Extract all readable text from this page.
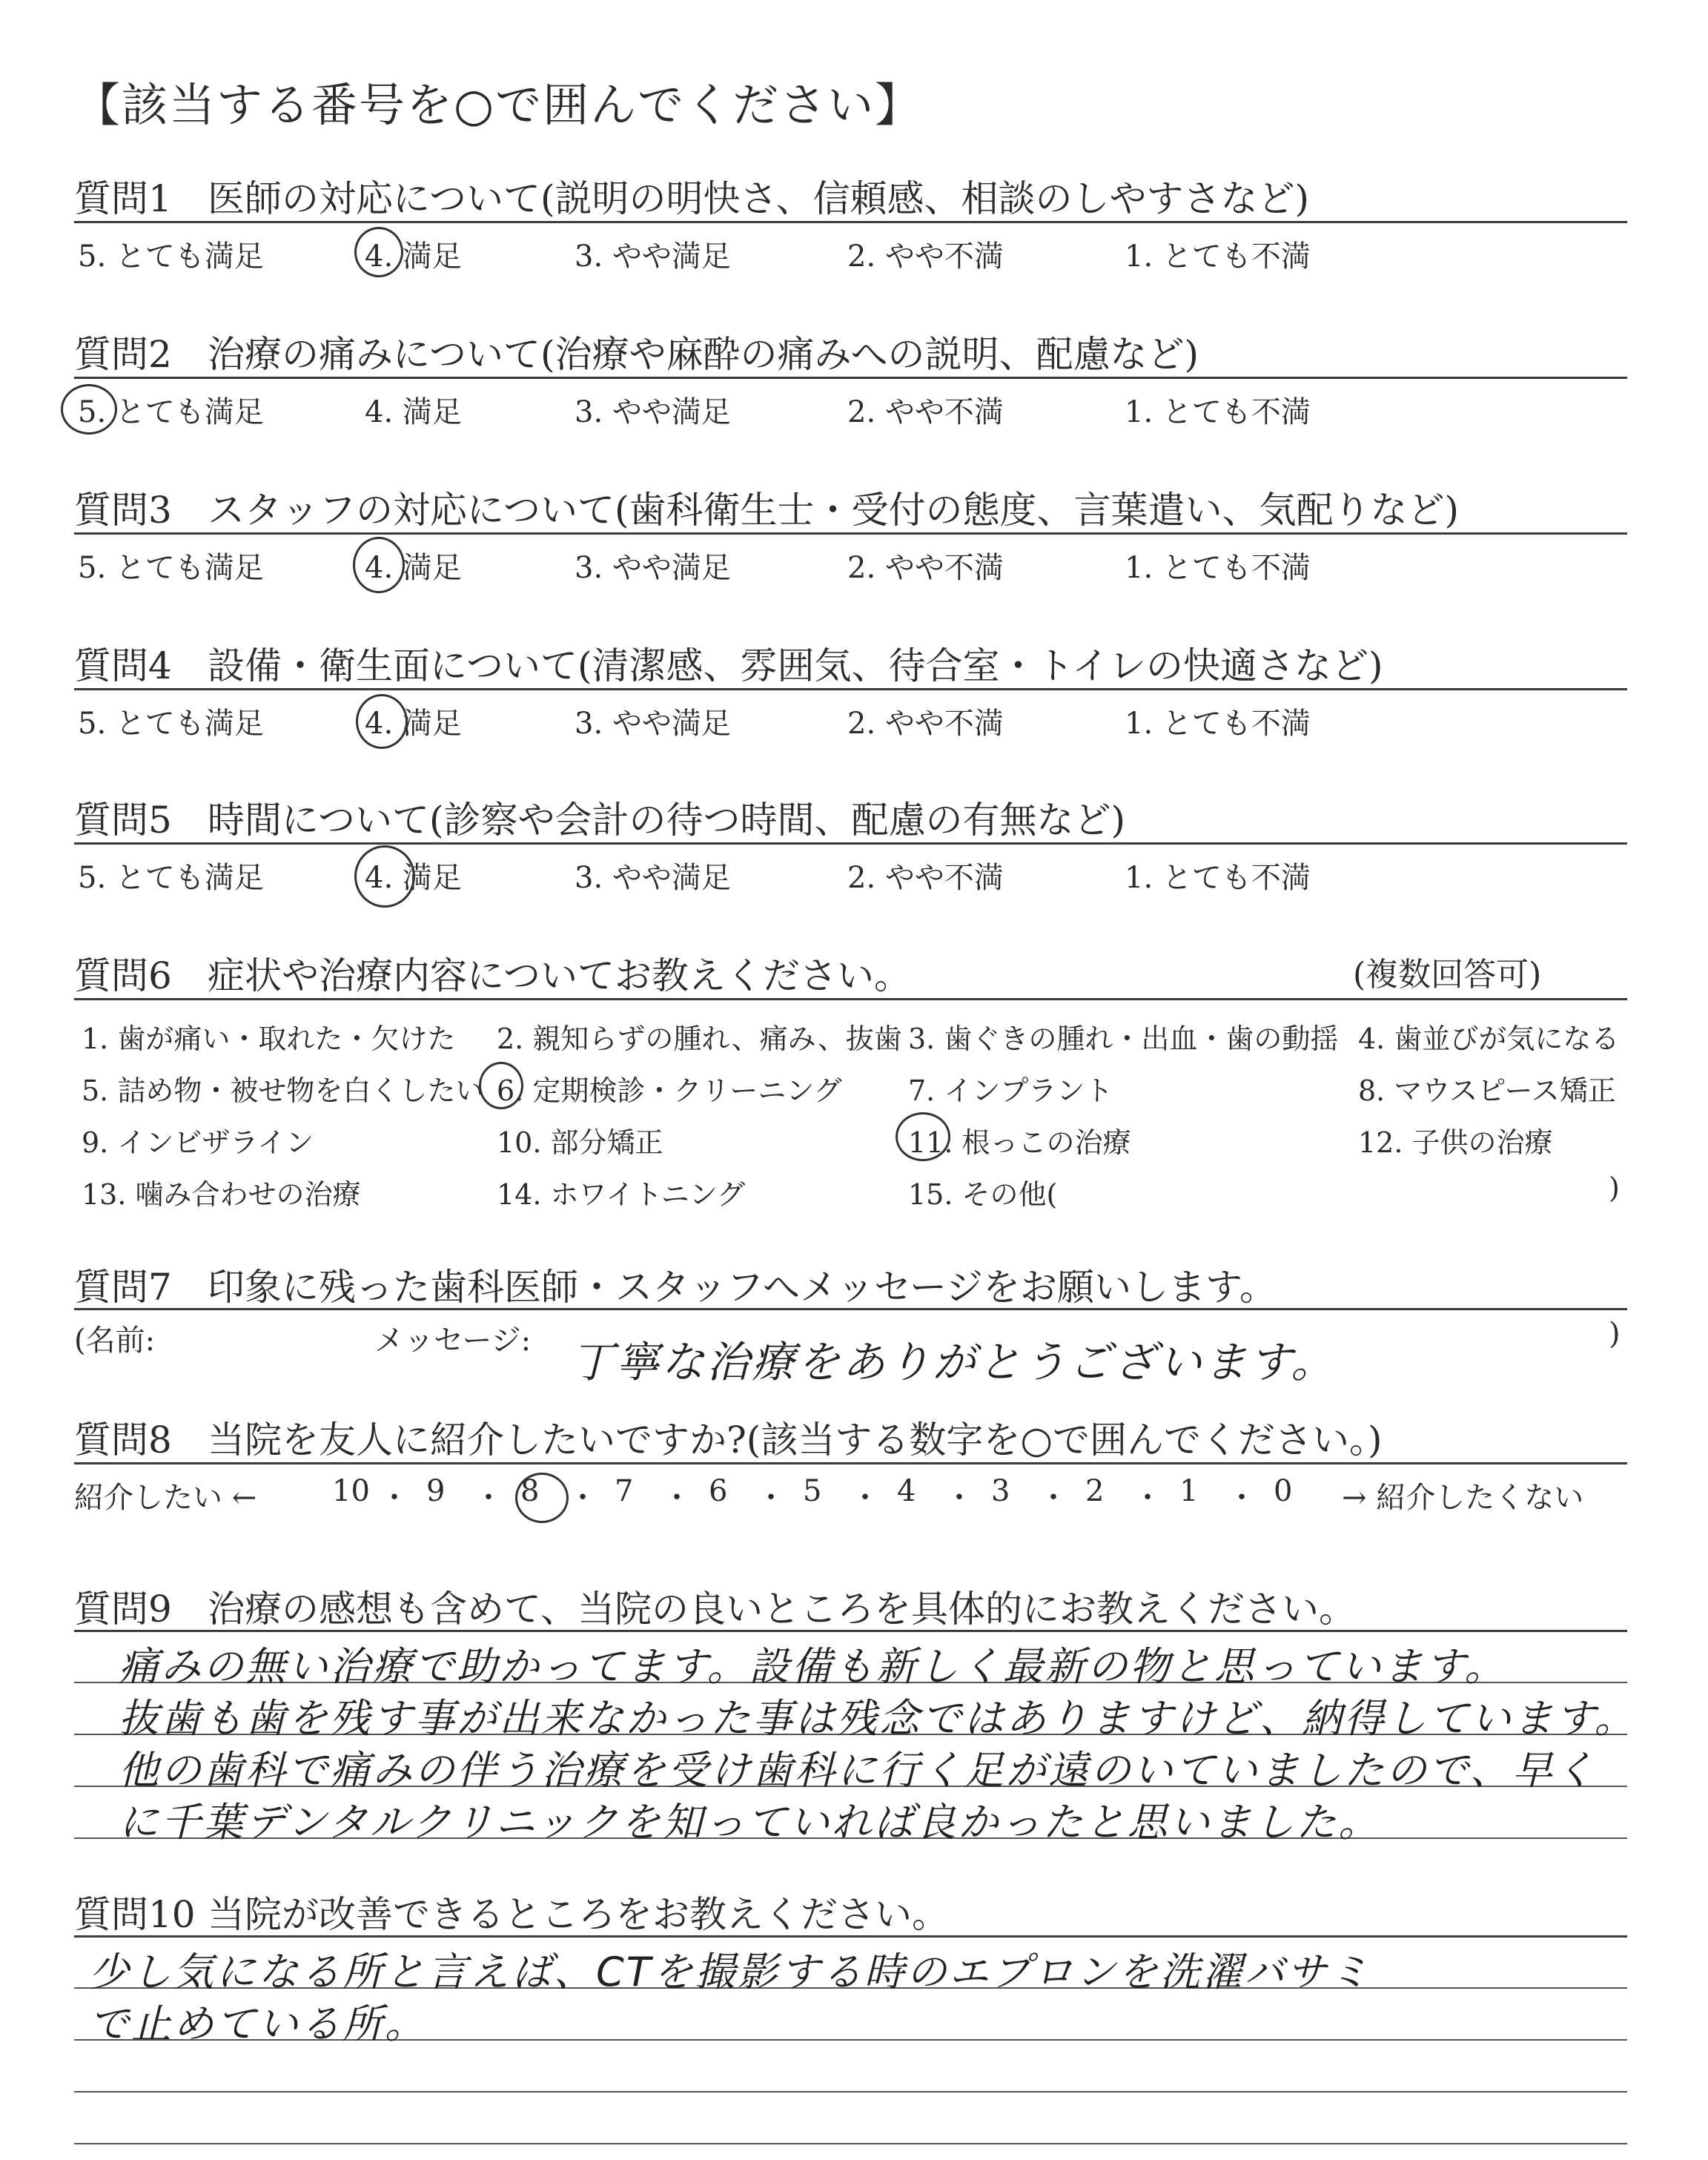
【該当する番号を○で囲んでください】
質問1 医師の対応について(説明の明快さ、信頼感、相談のしやすさなど)
5. とても満足	4. 満足	3. やや満足	2. やや不満	1. とても不満
質問2 治療の痛みについて(治療や麻酔の痛みへの説明、配慮など)
5. とても満足	4. 満足	3. やや満足	2. やや不満	1. とても不満
質問3 スタッフの対応について(歯科衛生士・受付の態度、言葉遣い、気配りなど)
5. とても満足	4. 満足	3. やや満足	2. やや不満	1. とても不満
質問4 設備・衛生面について(清潔感、雰囲気、待合室・トイレの快適さなど)
5. とても満足	4. 満足	3. やや満足	2. やや不満	1. とても不満
質問5 時間について(診察や会計の待つ時間、配慮の有無など)
5. とても満足	4. 満足	3. やや満足	2. やや不満	1. とても不満
質問6 症状や治療内容についてお教えください。	(複数回答可)
1. 歯が痛い・取れた・欠けた 2. 親知らずの腫れ、痛み、抜歯 3. 歯ぐきの腫れ・出血・歯の動揺 4. 歯並びが気になる
5. 詰め物・被せ物を白くしたい 6. 定期検診・クリーニング 7. インプラント	8. マウスピース矯正
9. インビザライン	10. 部分矯正	11. 根っこの治療	12. 子供の治療
13. 噛み合わせの治療	14. ホワイトニング	15. その他(	)
質問7 印象に残った歯科医師・スタッフへメッセージをお願いします。
(名前:	メッセージ:	)
丁寧な治療をありがとうございます。
質問8 当院を友人に紹介したいですか?(該当する数字を○で囲んでください。)
紹介したい ←	→ 紹介したくない
10 ・ 9 ・ 8 ・ 7 ・ 6 ・ 5 ・ 4 ・ 3 ・ 2 ・ 1 ・ 0
質問9 治療の感想も含めて、当院の良いところを具体的にお教えください。
痛みの無い治療で助かってます。設備も新しく最新の物と思っています。
抜歯も歯を残す事が出来なかった事は残念ではありますけど、納得しています。
他の歯科で痛みの伴う治療を受け歯科に行く足が遠のいていましたので、早く
に千葉デンタルクリニックを知っていれば良かったと思いました。
質問10 当院が改善できるところをお教えください。
少し気になる所と言えば、CTを撮影する時のエプロンを洗濯バサミ
で止めている所。
